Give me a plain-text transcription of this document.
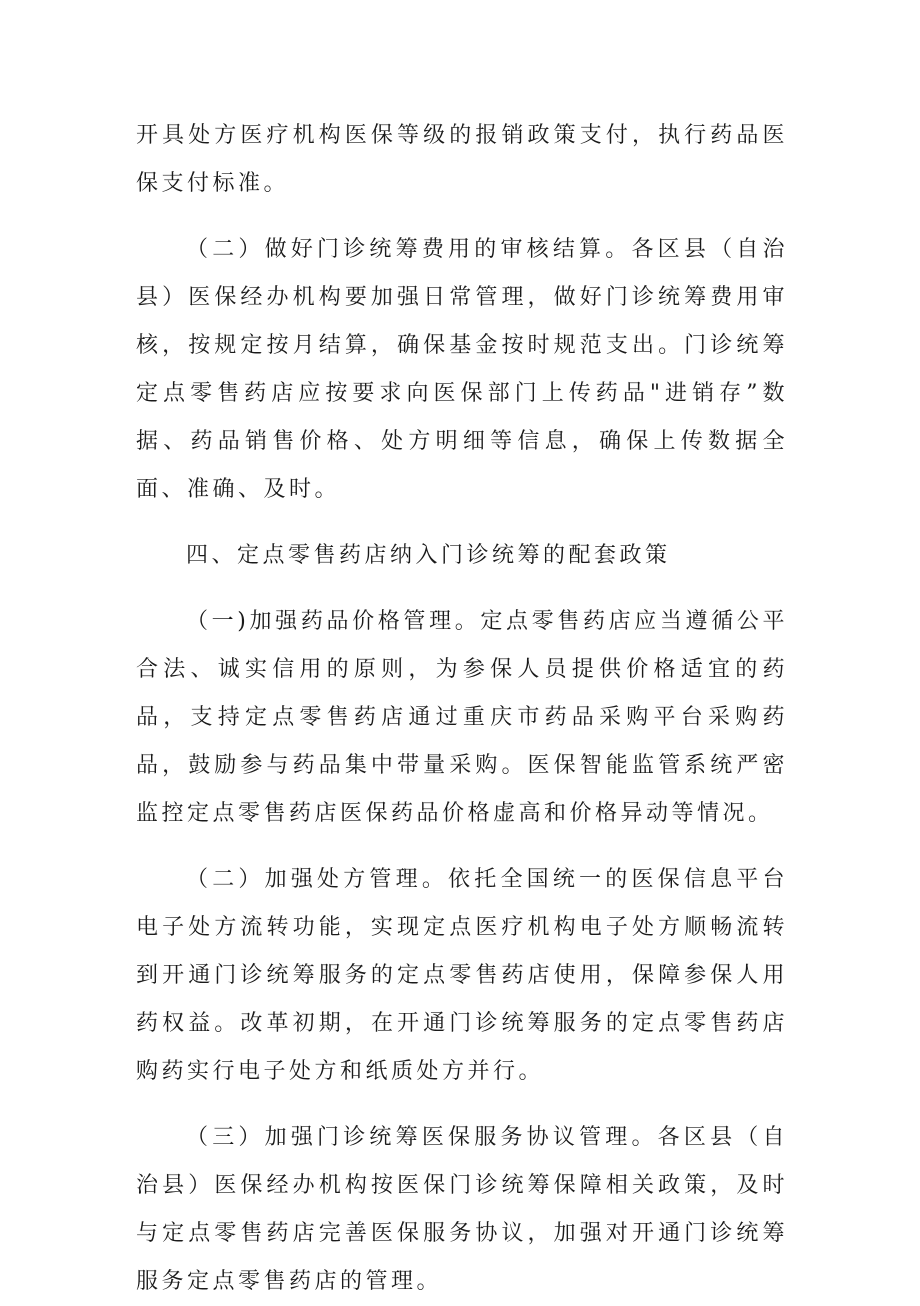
开具处方医疗机构医保等级的报销政策支付，执行药品医保支付标准。

（二）做好门诊统筹费用的审核结算。各区县（自治县）医保经办机构要加强日常管理，做好门诊统筹费用审核，按规定按月结算，确保基金按时规范支出。门诊统筹定点零售药店应按要求向医保部门上传药品"进销存”数据、药品销售价格、处方明细等信息，确保上传数据全面、准确、及时。

四、定点零售药店纳入门诊统筹的配套政策

（一)加强药品价格管理。定点零售药店应当遵循公平合法、诚实信用的原则，为参保人员提供价格适宜的药品，支持定点零售药店通过重庆市药品采购平台采购药品，鼓励参与药品集中带量采购。医保智能监管系统严密监控定点零售药店医保药品价格虚高和价格异动等情况。

（二）加强处方管理。依托全国统一的医保信息平台电子处方流转功能，实现定点医疗机构电子处方顺畅流转到开通门诊统筹服务的定点零售药店使用，保障参保人用药权益。改革初期，在开通门诊统筹服务的定点零售药店购药实行电子处方和纸质处方并行。

（三）加强门诊统筹医保服务协议管理。各区县（自治县）医保经办机构按医保门诊统筹保障相关政策，及时与定点零售药店完善医保服务协议，加强对开通门诊统筹服务定点零售药店的管理。
